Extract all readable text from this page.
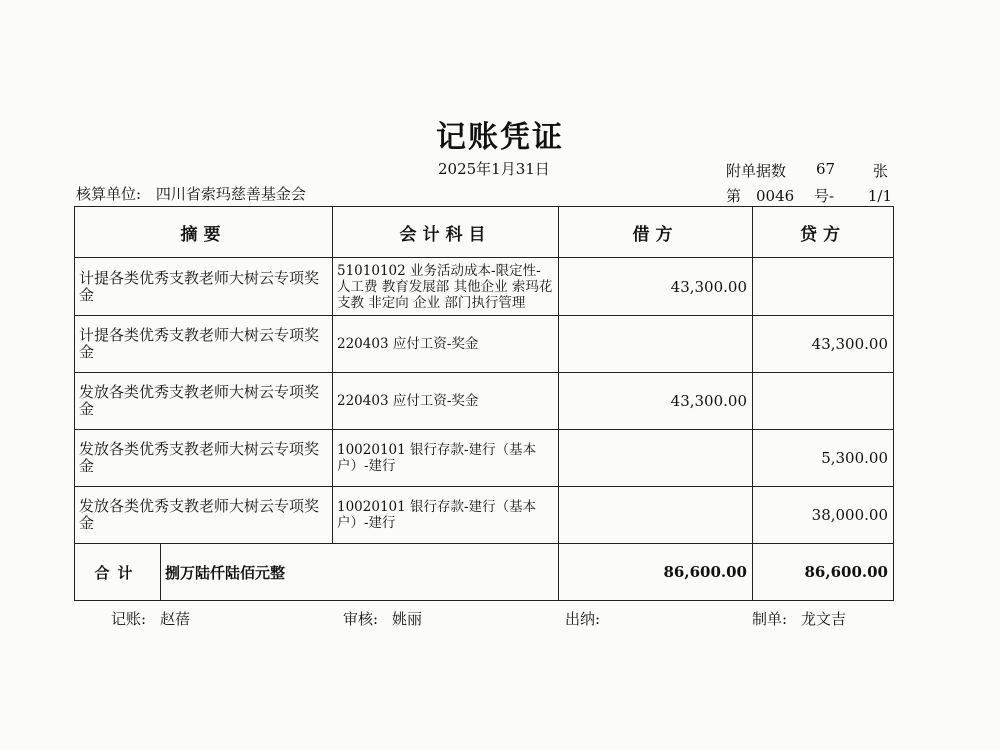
记账凭证
2025年1月31日	附单据数 67	张
核算单位: 四川省索玛慈善基金会	第 0046 号- 1/1
摘要		会计科目	借方	贷方
计提各类优秀支教老师大树云专项奖金		51010102 业务活动成本-限定性-人工费 教育发展部 其他企业 索玛花支教 非定向 企业 部门执行管理	43,300.00	
计提各类优秀支教老师大树云专项奖金		220403 应付工资-奖金		43,300.00
发放各类优秀支教老师大树云专项奖金		220403 应付工资-奖金	43,300.00	
发放各类优秀支教老师大树云专项奖金		10020101 银行存款-建行（基本户）-建行		5,300.00
发放各类优秀支教老师大树云专项奖金		10020101 银行存款-建行（基本户）-建行		38,000.00
合计	捌万陆仟陆佰元整		86,600.00	86,600.00
记账: 赵蓓	审核: 姚丽	出纳:	制单: 龙文吉
